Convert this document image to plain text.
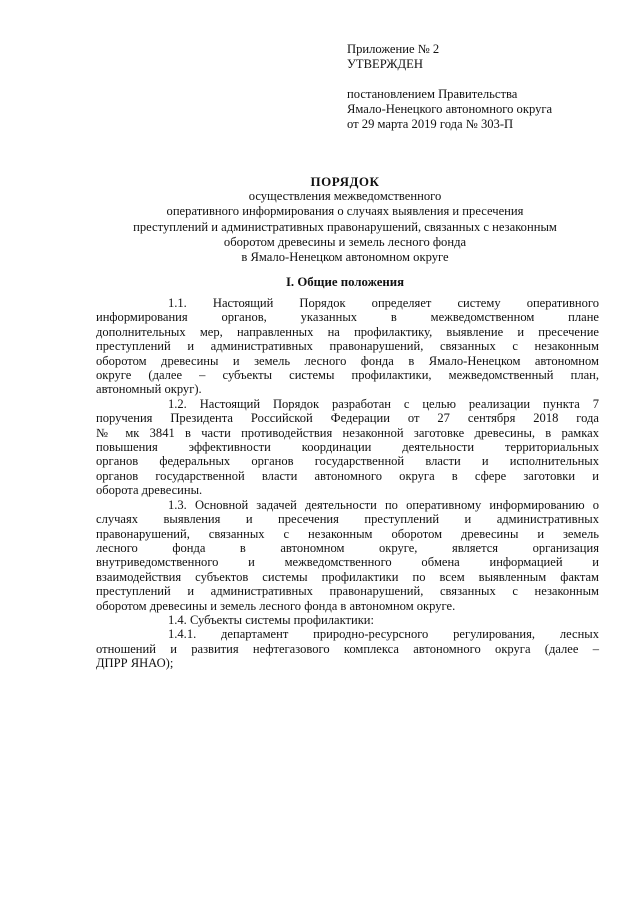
Приложение № 2
УТВЕРЖДЕН
постановлением Правительства
Ямало-Ненецкого автономного округа
от 29 марта 2019 года № 303-П
ПОРЯДОК
осуществления межведомственного
оперативного информирования о случаях выявления и пресечения
преступлений и административных правонарушений, связанных с незаконным
оборотом древесины и земель лесного фонда
в Ямало-Ненецком автономном округе
I. Общие положения
1.1. Настоящий Порядок определяет систему оперативного
информирования органов, указанных в межведомственном плане
дополнительных мер, направленных на профилактику, выявление и пресечение
преступлений и административных правонарушений, связанных с незаконным
оборотом древесины и земель лесного фонда в Ямало-Ненецком автономном
округе (далее – субъекты системы профилактики, межведомственный план,
автономный округ).
1.2. Настоящий Порядок разработан с целью реализации пункта 7
поручения Президента Российской Федерации от 27 сентября 2018 года
№ мк 3841 в части противодействия незаконной заготовке древесины, в рамках
повышения эффективности координации деятельности территориальных
органов федеральных органов государственной власти и исполнительных
органов государственной власти автономного округа в сфере заготовки и
оборота древесины.
1.3. Основной задачей деятельности по оперативному информированию о
случаях выявления и пресечения преступлений и административных
правонарушений, связанных с незаконным оборотом древесины и земель
лесного фонда в автономном округе, является организация
внутриведомственного и межведомственного обмена информацией и
взаимодействия субъектов системы профилактики по всем выявленным фактам
преступлений и административных правонарушений, связанных с незаконным
оборотом древесины и земель лесного фонда в автономном округе.
1.4. Субъекты системы профилактики:
1.4.1. департамент природно-ресурсного регулирования, лесных
отношений и развития нефтегазового комплекса автономного округа (далее –
ДПРР ЯНАО);
